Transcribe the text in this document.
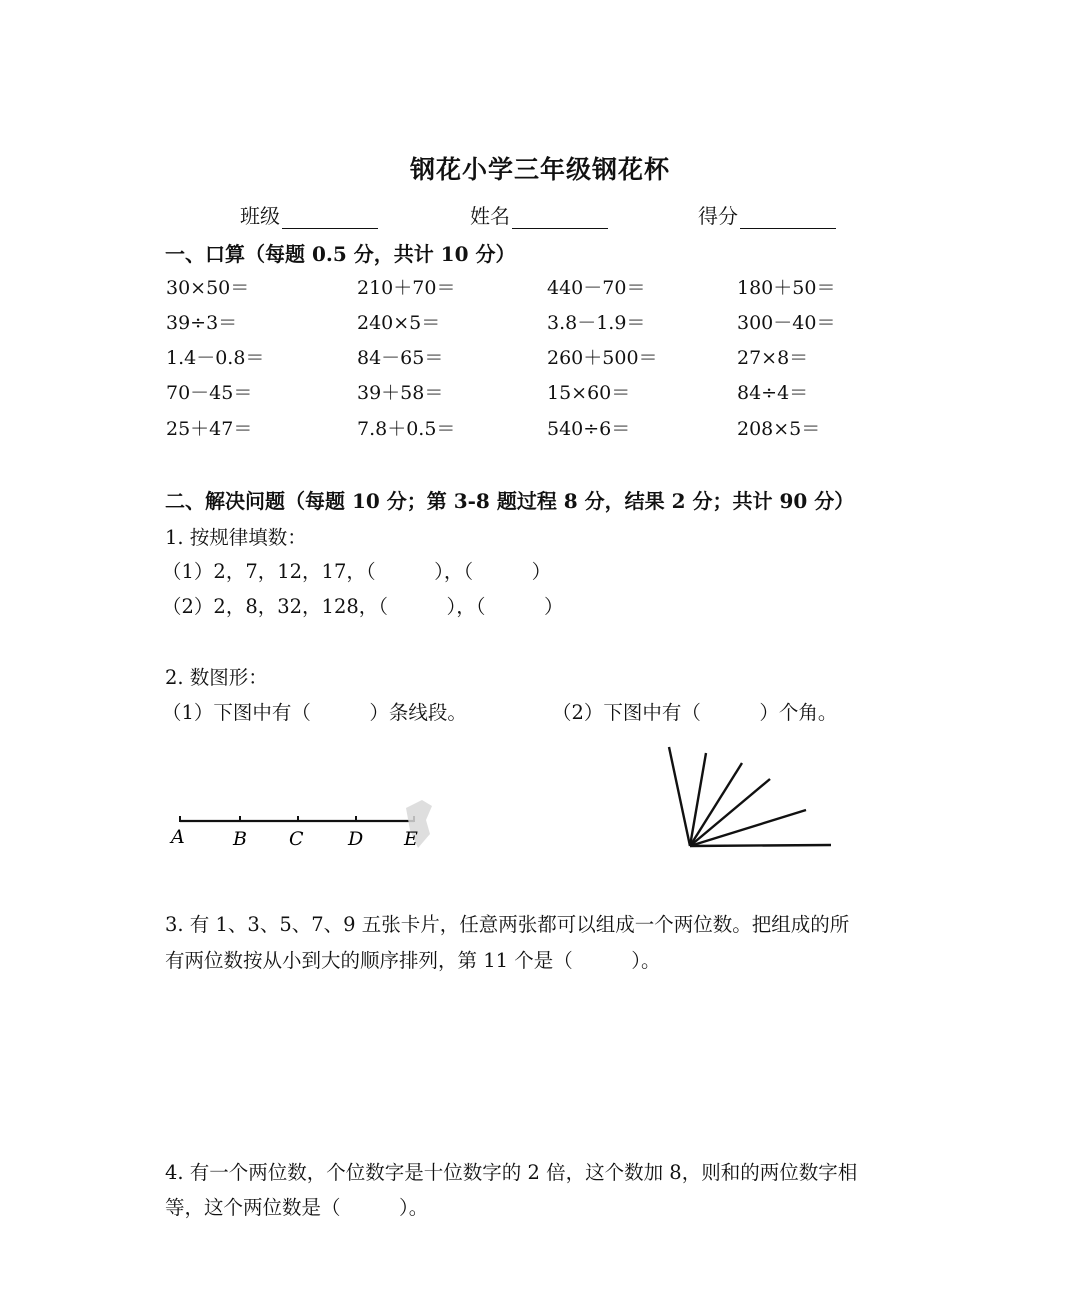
钢花小学三年级钢花杯
班级	姓名	得分
一、口算（每题 0.5 分，共计 10 分）
30×50＝	210＋70＝	440－70＝	180＋50＝
39÷3＝	240×5＝	3.8－1.9＝	300－40＝
1.4－0.8＝	84－65＝	260＋500＝	27×8＝
70－45＝	39＋58＝	15×60＝	84÷4＝
25＋47＝	7.8＋0.5＝	540÷6＝	208×5＝
二、解决问题（每题 10 分；第 3-8 题过程 8 分，结果 2 分；共计 90 分）
1. 按规律填数：
（1）2，7，12，17，（　　　），（　　　）
（2）2，8，32，128，（　　　），（　　　）
2. 数图形：
（1）下图中有（　　　）条线段。	（2）下图中有（　　　）个角。
A	B C D E
3. 有 1、3、5、7、9 五张卡片，任意两张都可以组成一个两位数。把组成的所
有两位数按从小到大的顺序排列，第 11 个是（　　　）。
4. 有一个两位数，个位数字是十位数字的 2 倍，这个数加 8，则和的两位数字相
等，这个两位数是（　　　）。
